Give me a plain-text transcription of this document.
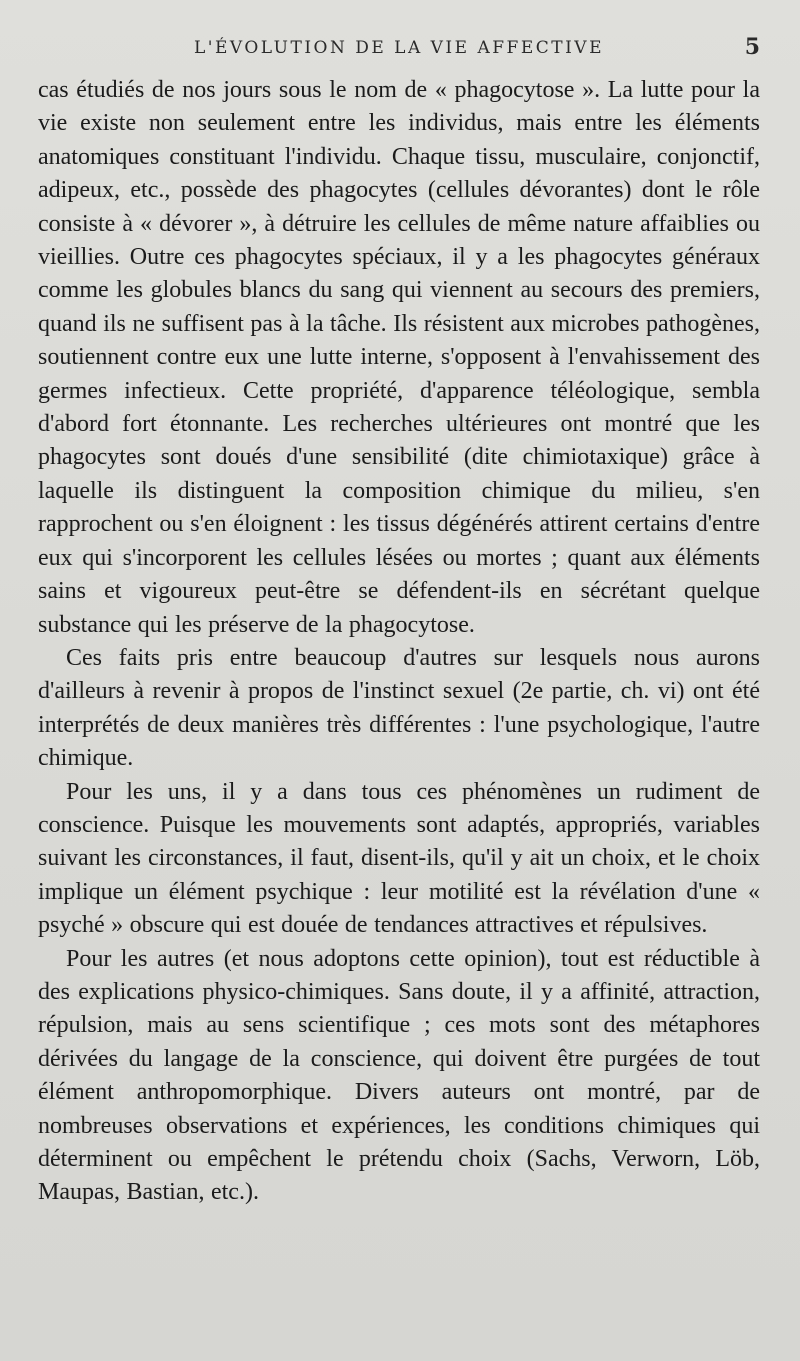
L'ÉVOLUTION DE LA VIE AFFECTIVE	5

cas étudiés de nos jours sous le nom de « phagocytose ». La lutte pour la vie existe non seulement entre les individus, mais entre les éléments anatomiques constituant l'individu. Chaque tissu, musculaire, conjonctif, adipeux, etc., possède des phagocytes (cellules dévorantes) dont le rôle consiste à « dévorer », à détruire les cellules de même nature affaiblies ou vieillies. Outre ces phagocytes spéciaux, il y a les phagocytes généraux comme les globules blancs du sang qui viennent au secours des premiers, quand ils ne suffisent pas à la tâche. Ils résistent aux microbes pathogènes, soutiennent contre eux une lutte interne, s'opposent à l'envahissement des germes infectieux. Cette propriété, d'apparence téléologique, sembla d'abord fort étonnante. Les recherches ultérieures ont montré que les phagocytes sont doués d'une sensibilité (dite chimiotaxique) grâce à laquelle ils distinguent la composition chimique du milieu, s'en rapprochent ou s'en éloignent : les tissus dégénérés attirent certains d'entre eux qui s'incorporent les cellules lésées ou mortes ; quant aux éléments sains et vigoureux peut-être se défendent-ils en sécrétant quelque substance qui les préserve de la phagocytose.

Ces faits pris entre beaucoup d'autres sur lesquels nous aurons d'ailleurs à revenir à propos de l'instinct sexuel (2e partie, ch. vi) ont été interprétés de deux manières très différentes : l'une psychologique, l'autre chimique.

Pour les uns, il y a dans tous ces phénomènes un rudiment de conscience. Puisque les mouvements sont adaptés, appropriés, variables suivant les circonstances, il faut, disent-ils, qu'il y ait un choix, et le choix implique un élément psychique : leur motilité est la révélation d'une « psyché » obscure qui est douée de tendances attractives et répulsives.

Pour les autres (et nous adoptons cette opinion), tout est réductible à des explications physico-chimiques. Sans doute, il y a affinité, attraction, répulsion, mais au sens scientifique ; ces mots sont des métaphores dérivées du langage de la conscience, qui doivent être purgées de tout élément anthropomorphique. Divers auteurs ont montré, par de nombreuses observations et expériences, les conditions chimiques qui déterminent ou empêchent le prétendu choix (Sachs, Verworn, Löb, Maupas, Bastian, etc.).
